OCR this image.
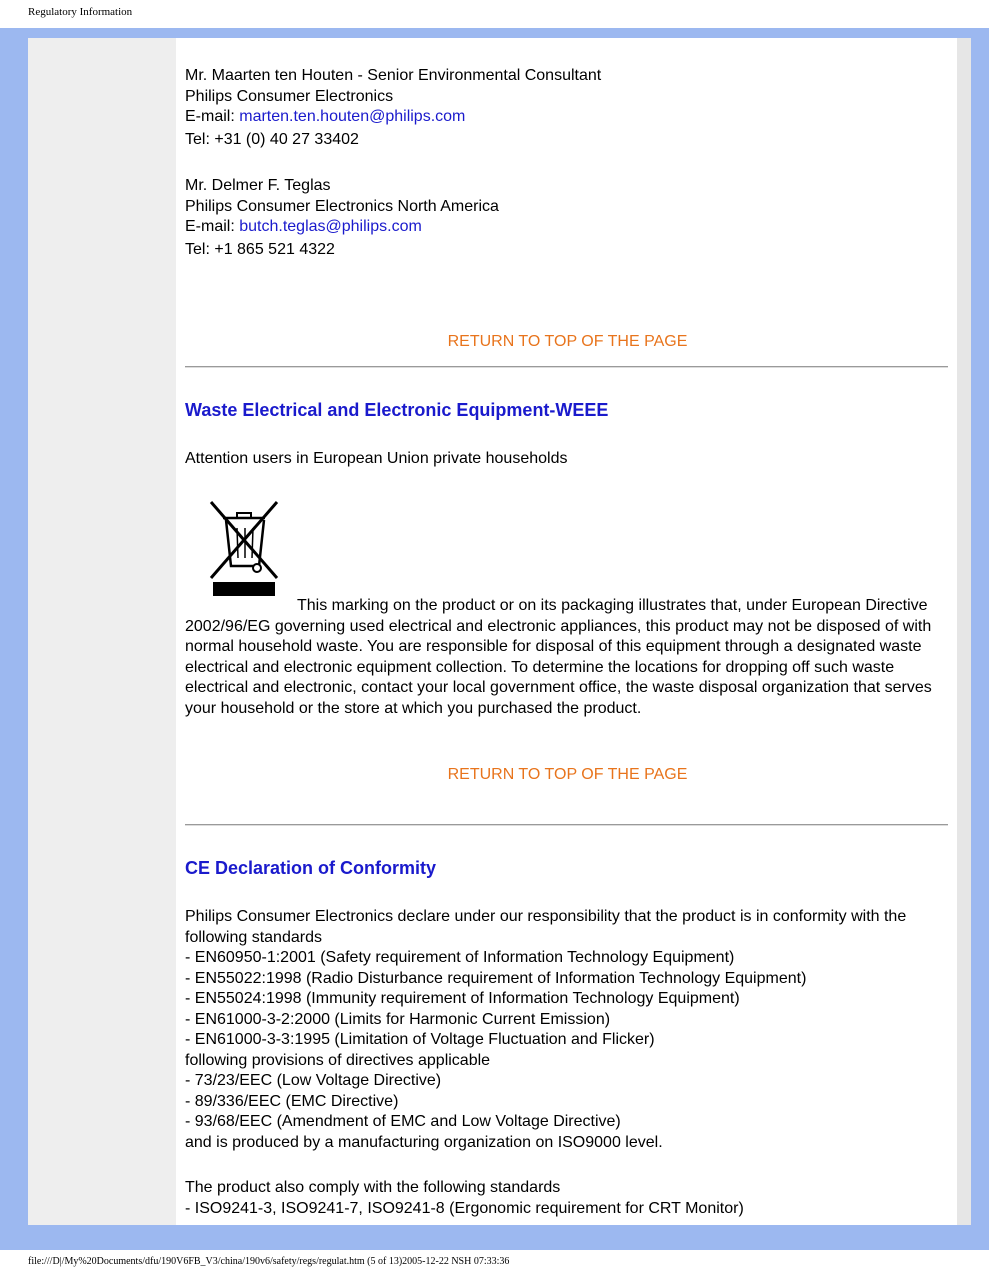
Regulatory Information

Mr. Maarten ten Houten - Senior Environmental Consultant

Philips Consumer Electronics

E-mail: marten.ten.houten@philips.com

Tel: +31 (0) 40 27 33402

Mr. Delmer F. Teglas

Philips Consumer Electronics North America

E-mail: butch.teglas@philips.com

Tel: +1 865 521 4322

RETURN TO TOP OF THE PAGE
Waste Electrical and Electronic Equipment-WEEE

Attention users in European Union private households

This marking on the product or on its packaging illustrates that, under European Directive 2002/96/EG governing used electrical and electronic appliances, this product may not be disposed of with normal household waste. You are responsible for disposal of this equipment through a designated waste electrical and electronic equipment collection. To determine the locations for dropping off such waste electrical and electronic, contact your local government office, the waste disposal organization that serves your household or the store at which you purchased the product.

RETURN TO TOP OF THE PAGE
CE Declaration of Conformity

Philips Consumer Electronics declare under our responsibility that the product is in conformity with the following standards

- EN60950-1:2001 (Safety requirement of Information Technology Equipment)

- EN55022:1998 (Radio Disturbance requirement of Information Technology Equipment)

- EN55024:1998 (Immunity requirement of Information Technology Equipment)

- EN61000-3-2:2000 (Limits for Harmonic Current Emission)

- EN61000-3-3:1995 (Limitation of Voltage Fluctuation and Flicker)

following provisions of directives applicable

- 73/23/EEC (Low Voltage Directive)

- 89/336/EEC (EMC Directive)

- 93/68/EEC (Amendment of EMC and Low Voltage Directive)

and is produced by a manufacturing organization on ISO9000 level.

The product also comply with the following standards

- ISO9241-3, ISO9241-7, ISO9241-8 (Ergonomic requirement for CRT Monitor)

file:///D|/My%20Documents/dfu/190V6FB_V3/china/190v6/safety/regs/regulat.htm (5 of 13)2005-12-22 NSH 07:33:36
